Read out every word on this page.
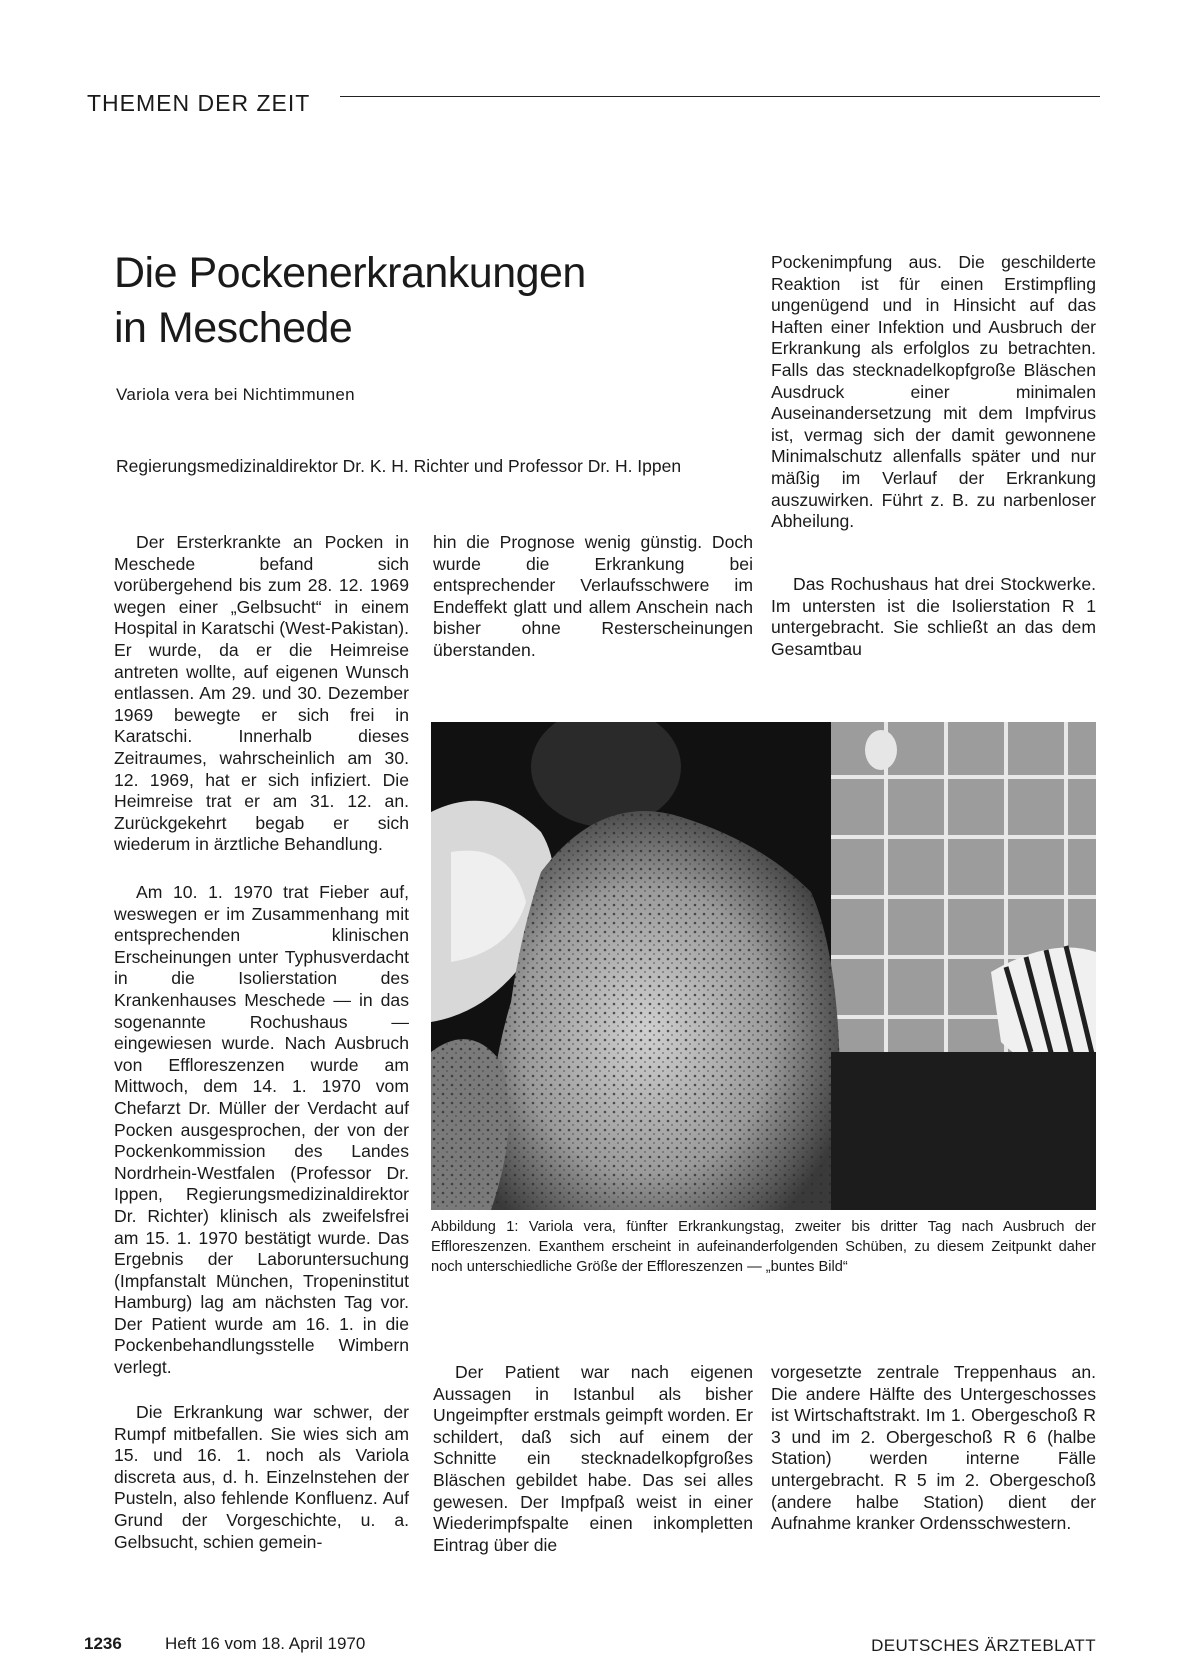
THEMEN DER ZEIT
Die Pockenerkrankungen
in Meschede
Variola vera bei Nichtimmunen
Regierungsmedizinaldirektor Dr. K. H. Richter und Professor Dr. H. Ippen

Der Ersterkrankte an Pocken in Meschede befand sich vorübergehend bis zum 28. 12. 1969 wegen einer „Gelbsucht“ in einem Hospital in Karatschi (West-Pakistan). Er wurde, da er die Heimreise antreten wollte, auf eigenen Wunsch entlassen. Am 29. und 30. Dezember 1969 bewegte er sich frei in Karatschi. Innerhalb dieses Zeitraumes, wahrscheinlich am 30. 12. 1969, hat er sich infiziert. Die Heimreise trat er am 31. 12. an. Zurückgekehrt begab er sich wiederum in ärztliche Behandlung.

Am 10. 1. 1970 trat Fieber auf, weswegen er im Zusammenhang mit entsprechenden klinischen Erscheinungen unter Typhusverdacht in die Isolierstation des Krankenhauses Meschede — in das sogenannte Rochushaus — eingewiesen wurde. Nach Ausbruch von Effloreszenzen wurde am Mittwoch, dem 14. 1. 1970 vom Chefarzt Dr. Müller der Verdacht auf Pocken ausgesprochen, der von der Pockenkommission des Landes Nordrhein-Westfalen (Professor Dr. Ippen, Regierungsmedizinaldirektor Dr. Richter) klinisch als zweifelsfrei am 15. 1. 1970 bestätigt wurde. Das Ergebnis der Laboruntersuchung (Impfanstalt München, Tropeninstitut Hamburg) lag am nächsten Tag vor. Der Patient wurde am 16. 1. in die Pockenbehandlungsstelle Wimbern verlegt.

Die Erkrankung war schwer, der Rumpf mitbefallen. Sie wies sich am 15. und 16. 1. noch als Variola discreta aus, d. h. Einzelnstehen der Pusteln, also fehlende Konfluenz. Auf Grund der Vorgeschichte, u. a. Gelbsucht, schien gemein-

hin die Prognose wenig günstig. Doch wurde die Erkrankung bei entsprechender Verlaufsschwere im Endeffekt glatt und allem Anschein nach bisher ohne Resterscheinungen überstanden.

Der Patient war nach eigenen Aussagen in Istanbul als bisher Ungeimpfter erstmals geimpft worden. Er schildert, daß sich auf einem der Schnitte ein stecknadelkopfgroßes Bläschen gebildet habe. Das sei alles gewesen. Der Impfpaß weist in einer Wiederimpfspalte einen inkompletten Eintrag über die

Pockenimpfung aus. Die geschilderte Reaktion ist für einen Erstimpfling ungenügend und in Hinsicht auf das Haften einer Infektion und Ausbruch der Erkrankung als erfolglos zu betrachten. Falls das stecknadelkopfgroße Bläschen Ausdruck einer minimalen Auseinandersetzung mit dem Impfvirus ist, vermag sich der damit gewonnene Minimalschutz allenfalls später und nur mäßig im Verlauf der Erkrankung auszuwirken. Führt z. B. zu narbenloser Abheilung.

Das Rochushaus hat drei Stockwerke. Im untersten ist die Isolierstation R 1 untergebracht. Sie schließt an das dem Gesamtbau

vorgesetzte zentrale Treppenhaus an. Die andere Hälfte des Untergeschosses ist Wirtschaftstrakt. Im 1. Obergeschoß R 3 und im 2. Obergeschoß R 6 (halbe Station) werden interne Fälle untergebracht. R 5 im 2. Obergeschoß (andere halbe Station) dient der Aufnahme kranker Ordensschwestern.

Abbildung 1: Variola vera, fünfter Erkrankungstag, zweiter bis dritter Tag nach Ausbruch der Effloreszenzen. Exanthem erscheint in aufeinanderfolgenden Schüben, zu diesem Zeitpunkt daher noch unterschiedliche Größe der Effloreszenzen — „buntes Bild“
1236	Heft 16 vom 18. April 1970	DEUTSCHES ÄRZTEBLATT
